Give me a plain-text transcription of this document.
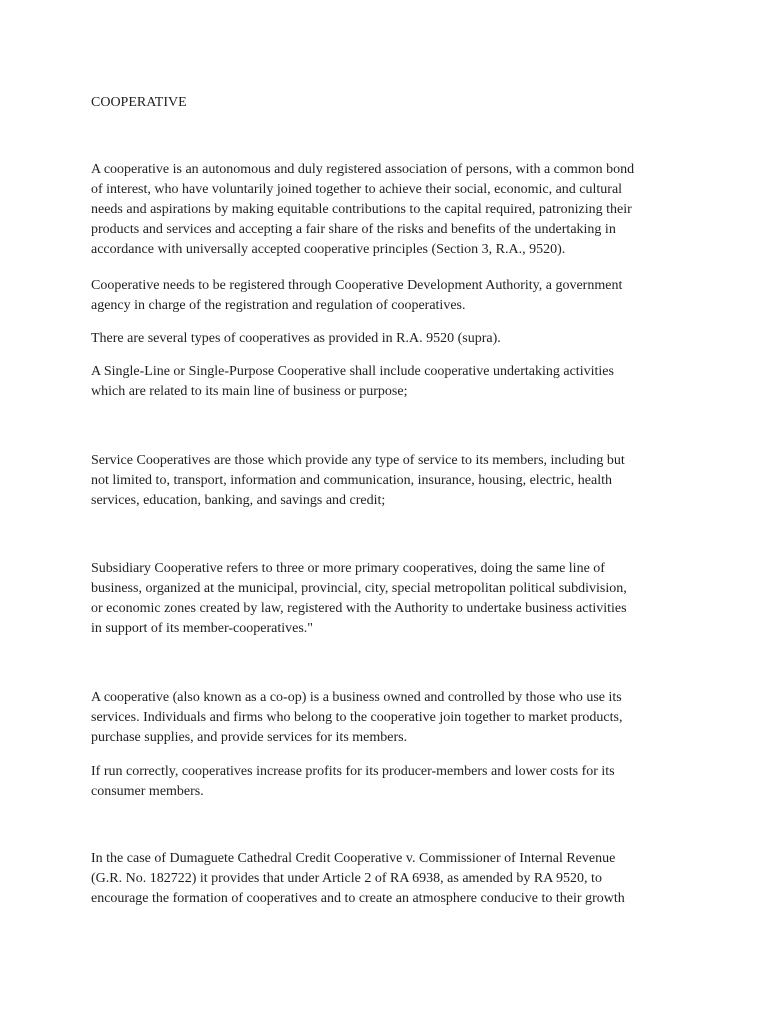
COOPERATIVE

A cooperative is an autonomous and duly registered association of persons, with a common bond

of interest, who have voluntarily joined together to achieve their social, economic, and cultural

needs and aspirations by making equitable contributions to the capital required, patronizing their

products and services and accepting a fair share of the risks and benefits of the undertaking in

accordance with universally accepted cooperative principles (Section 3, R.A., 9520).

Cooperative needs to be registered through Cooperative Development Authority, a government

agency in charge of the registration and regulation of cooperatives.

There are several types of cooperatives as provided in R.A. 9520 (supra).

A Single-Line or Single-Purpose Cooperative shall include cooperative undertaking activities

which are related to its main line of business or purpose;

Service Cooperatives are those which provide any type of service to its members, including but

not limited to, transport, information and communication, insurance, housing, electric, health

services, education, banking, and savings and credit;

Subsidiary Cooperative refers to three or more primary cooperatives, doing the same line of

business, organized at the municipal, provincial, city, special metropolitan political subdivision,

or economic zones created by law, registered with the Authority to undertake business activities

in support of its member-cooperatives."

A cooperative (also known as a co-op) is a business owned and controlled by those who use its

services. Individuals and firms who belong to the cooperative join together to market products,

purchase supplies, and provide services for its members.

If run correctly, cooperatives increase profits for its producer-members and lower costs for its

consumer members.

In the case of Dumaguete Cathedral Credit Cooperative v. Commissioner of Internal Revenue

(G.R. No. 182722) it provides that under Article 2 of RA 6938, as amended by RA 9520, to

encourage the formation of cooperatives and to create an atmosphere conducive to their growth
